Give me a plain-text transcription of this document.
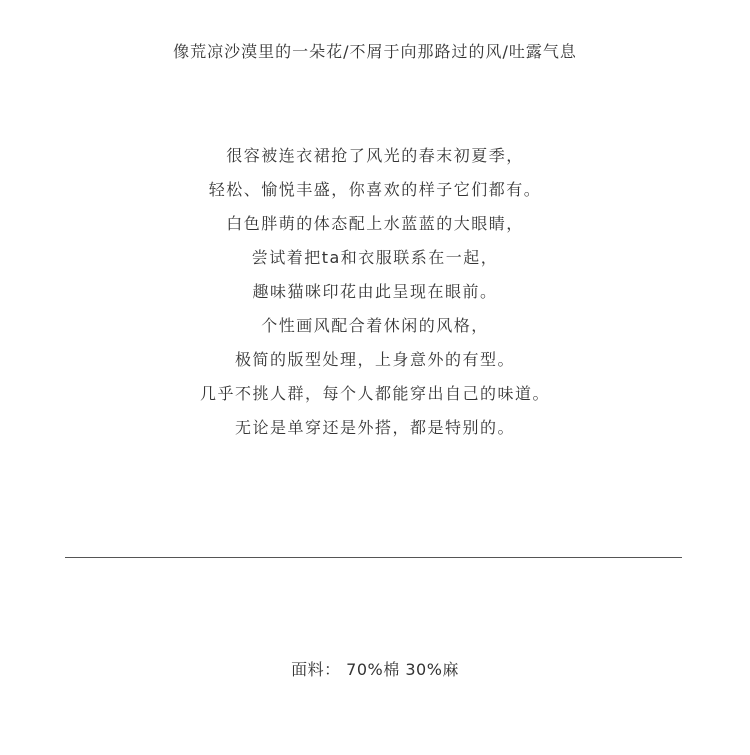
像荒凉沙漠里的一朵花/不屑于向那路过的风/吐露气息
很容被连衣裙抢了风光的春末初夏季，
轻松、愉悦丰盛，你喜欢的样子它们都有。
白色胖萌的体态配上水蓝蓝的大眼睛，
尝试着把ta和衣服联系在一起，
趣味猫咪印花由此呈现在眼前。
个性画风配合着休闲的风格，
极简的版型处理，上身意外的有型。
几乎不挑人群，每个人都能穿出自己的味道。
无论是单穿还是外搭，都是特别的。
面料： 70%棉 30%麻
